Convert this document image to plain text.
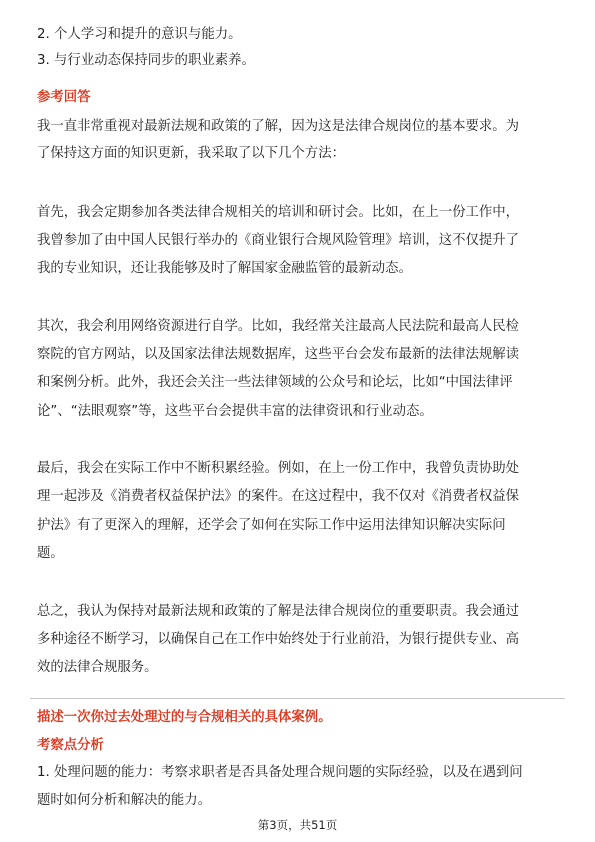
2. 个人学习和提升的意识与能力。
3. 与行业动态保持同步的职业素养。
参考回答
我一直非常重视对最新法规和政策的了解，因为这是法律合规岗位的基本要求。为
了保持这方面的知识更新，我采取了以下几个方法：
首先，我会定期参加各类法律合规相关的培训和研讨会。比如，在上一份工作中，
我曾参加了由中国人民银行举办的《商业银行合规风险管理》培训，这不仅提升了
我的专业知识，还让我能够及时了解国家金融监管的最新动态。
其次，我会利用网络资源进行自学。比如，我经常关注最高人民法院和最高人民检
察院的官方网站，以及国家法律法规数据库，这些平台会发布最新的法律法规解读
和案例分析。此外，我还会关注一些法律领域的公众号和论坛，比如“中国法律评
论”、“法眼观察”等，这些平台会提供丰富的法律资讯和行业动态。
最后，我会在实际工作中不断积累经验。例如，在上一份工作中，我曾负责协助处
理一起涉及《消费者权益保护法》的案件。在这过程中，我不仅对《消费者权益保
护法》有了更深入的理解，还学会了如何在实际工作中运用法律知识解决实际问
题。
总之，我认为保持对最新法规和政策的了解是法律合规岗位的重要职责。我会通过
多种途径不断学习，以确保自己在工作中始终处于行业前沿，为银行提供专业、高
效的法律合规服务。
描述一次你过去处理过的与合规相关的具体案例。
考察点分析
1. 处理问题的能力：考察求职者是否具备处理合规问题的实际经验，以及在遇到问
题时如何分析和解决的能力。
第3页，共51页
